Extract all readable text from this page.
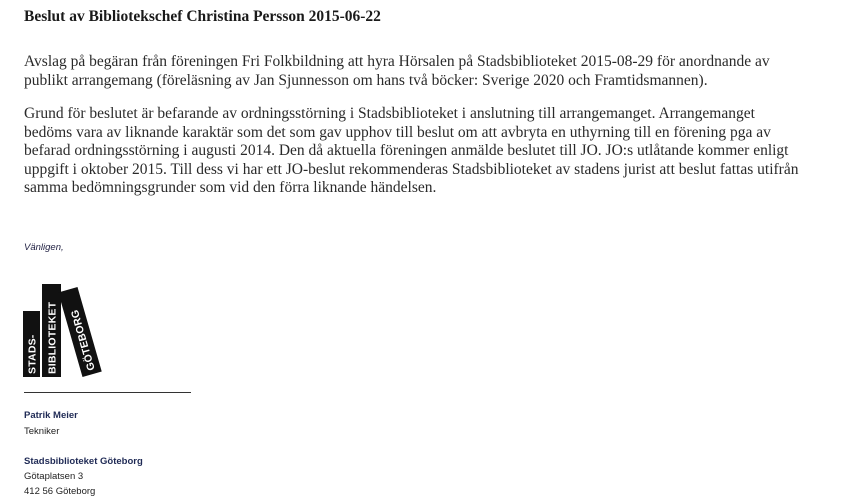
Beslut av Bibliotekschef Christina Persson 2015-06-22

Avslag på begäran från föreningen Fri Folkbildning att hyra Hörsalen på Stadsbiblioteket 2015-08-29 för anordnande av
publikt arrangemang (föreläsning av Jan Sjunnesson om hans två böcker: Sverige 2020 och Framtidsmannen).

Grund för beslutet är befarande av ordningsstörning i Stadsbiblioteket i anslutning till arrangemanget. Arrangemanget
bedöms vara av liknande karaktär som det som gav upphov till beslut om att avbryta en uthyrning till en förening pga av
befarad ordningsstörning i augusti 2014. Den då aktuella föreningen anmälde beslutet till JO. JO:s utlåtande kommer enligt
uppgift i oktober 2015. Till dess vi har ett JO-beslut rekommenderas Stadsbiblioteket av stadens jurist att beslut fattas utifrån
samma bedömningsgrunder som vid den förra liknande händelsen.

Vänligen,
STADS- BIBLIOTEKET GÖTEBORG
Patrik Meier
Tekniker
Stadsbiblioteket Göteborg
Götaplatsen 3
412 56 Göteborg
